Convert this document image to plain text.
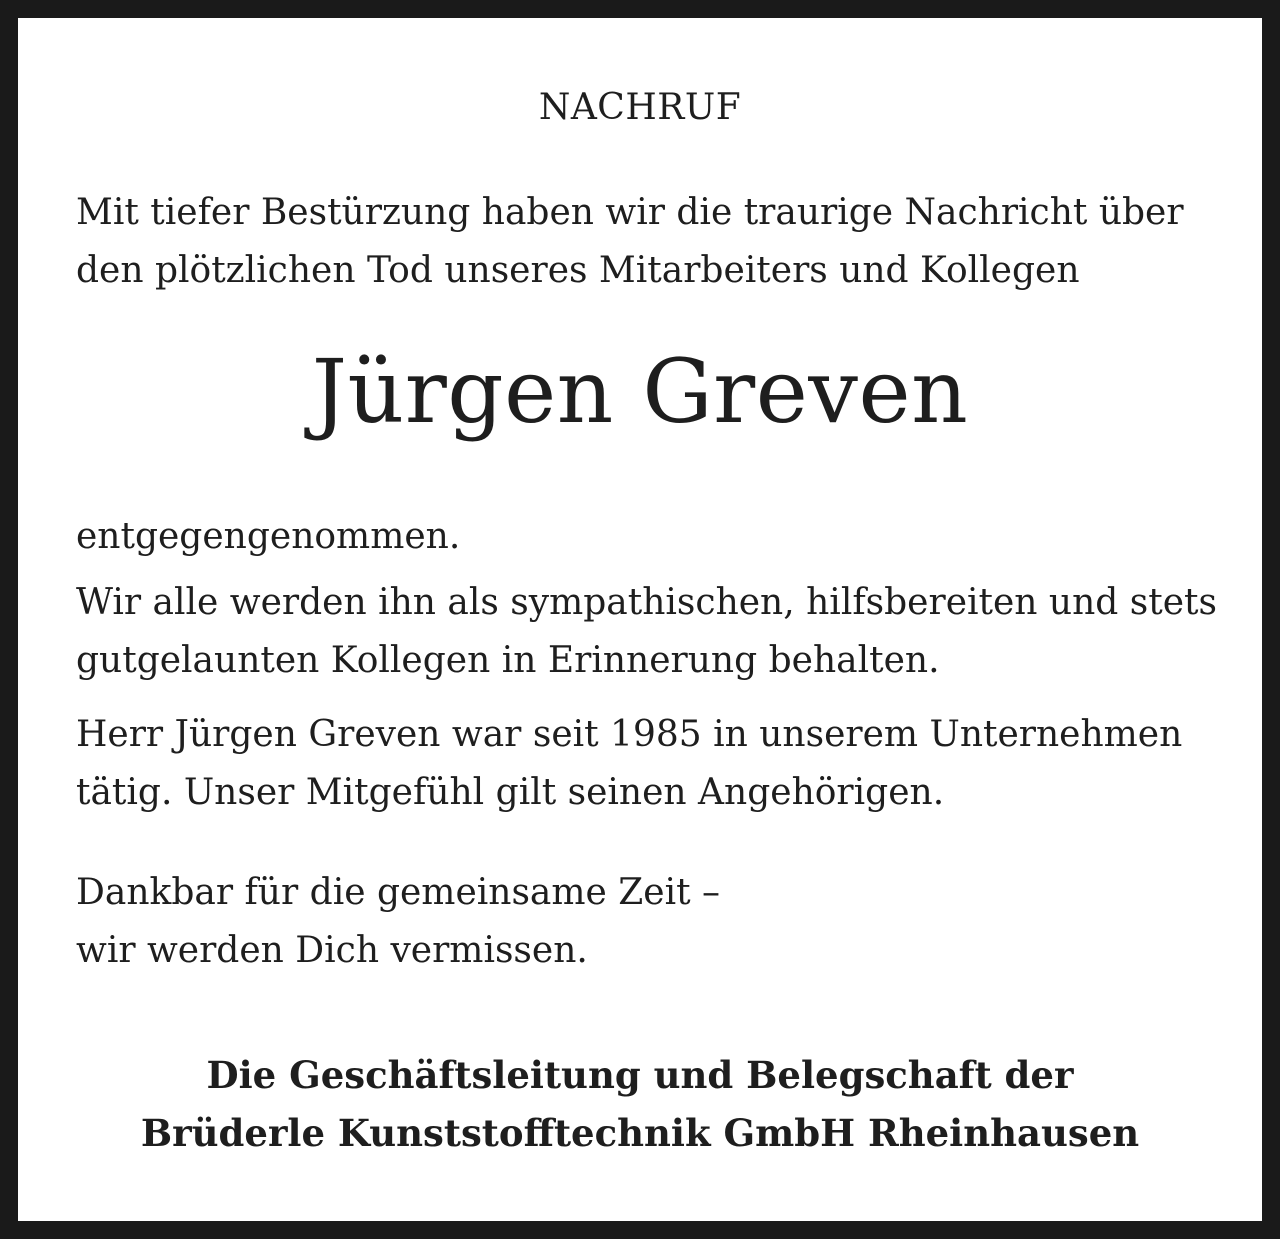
NACHRUF

Mit tiefer Bestürzung haben wir die traurige Nachricht über
den plötzlichen Tod unseres Mitarbeiters und Kollegen

Jürgen Greven

entgegengenommen.

Wir alle werden ihn als sympathischen, hilfsbereiten und stets
gutgelaunten Kollegen in Erinnerung behalten.

Herr Jürgen Greven war seit 1985 in unserem Unternehmen
tätig. Unser Mitgefühl gilt seinen Angehörigen.

Dankbar für die gemeinsame Zeit –
wir werden Dich vermissen.

Die Geschäftsleitung und Belegschaft der
Brüderle Kunststofftechnik GmbH Rheinhausen
